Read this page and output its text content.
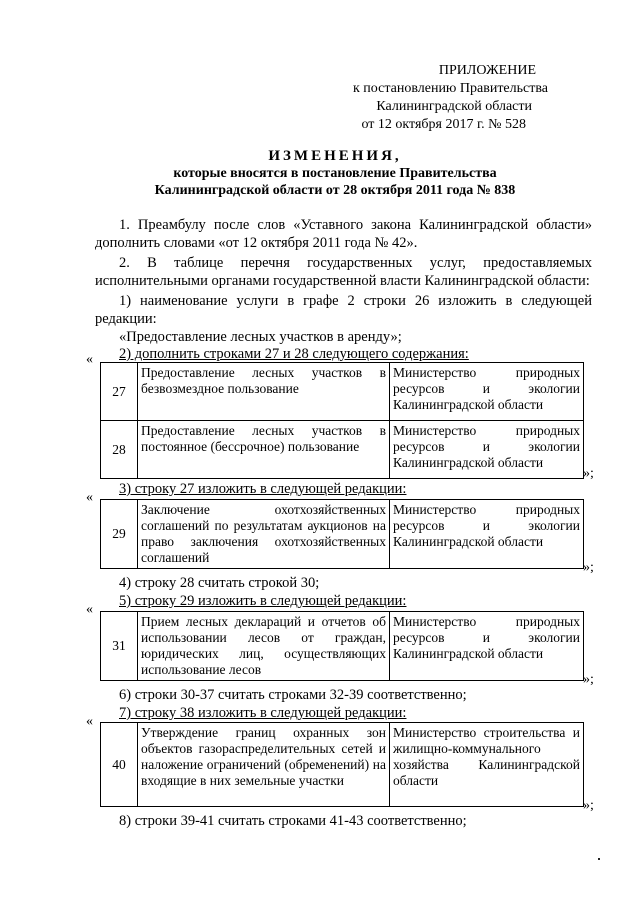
ПРИЛОЖЕНИЕ
к постановлению Правительства
Калининградской области
от 12 октября 2017 г. № 528
ИЗМЕНЕНИЯ,
которые вносятся в постановление Правительства
Калининградской области от 28 октября 2011 года № 838
1. Преамбулу после слов «Уставного закона Калининградской области» дополнить словами «от 12 октября 2011 года № 42».
2. В таблице перечня государственных услуг, предоставляемых исполнительными органами государственной власти Калининградской области:
1) наименование услуги в графе 2 строки 26 изложить в следующей редакции:
«Предоставление лесных участков в аренду»;
2) дополнить строками 27 и 28 следующего содержания:
«
27	Предоставление лесных участков в безвозмездное пользование	Министерство природных ресурсов и экологии Калининградской области
28	Предоставление лесных участков в постоянное (бессрочное) пользование	Министерство природных ресурсов и экологии Калининградской области
»;
3) строку 27 изложить в следующей редакции:
«
29	Заключение охотхозяйственных соглашений по результатам аукционов на право заключения охотхозяйственных соглашений	Министерство природных ресурсов и экологии Калининградской области
»;
4) строку 28 считать строкой 30;
5) строку 29 изложить в следующей редакции:
«
31	Прием лесных деклараций и отчетов об использовании лесов от граждан, юридических лиц, осуществляющих использование лесов	Министерство природных ресурсов и экологии Калининградской области
»;
6) строки 30-37 считать строками 32-39 соответственно;
7) строку 38 изложить в следующей редакции:
«
40	Утверждение границ охранных зон объектов газораспределительных сетей и наложение ограничений (обременений) на входящие в них земельные участки	Министерство строительства и жилищно-коммунального хозяйства Калининградской области
»;
8) строки 39-41 считать строками 41-43 соответственно;
